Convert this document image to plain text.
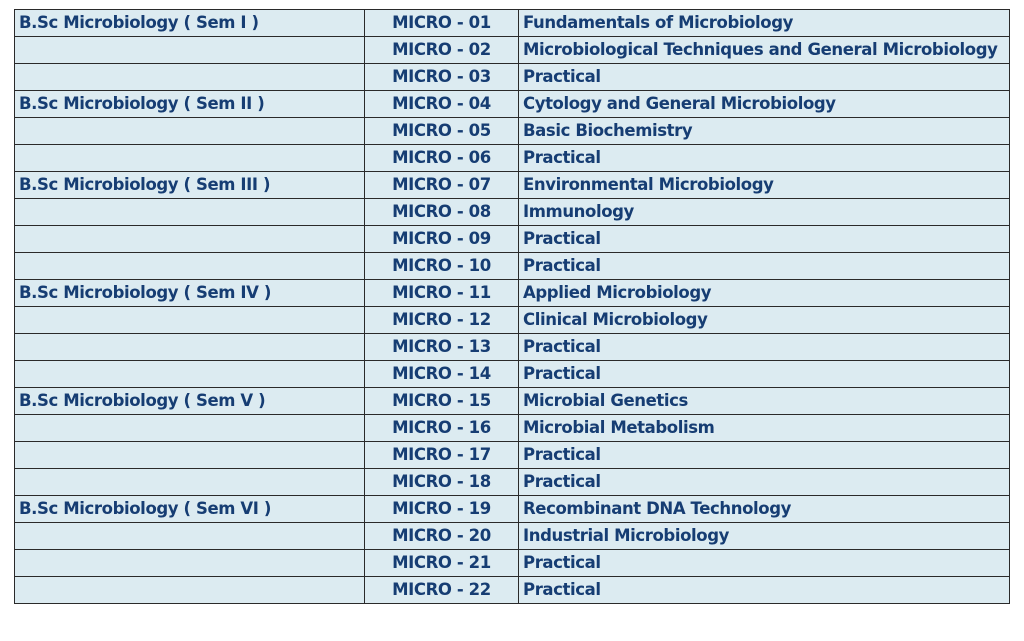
B.Sc Microbiology ( Sem I )	MICRO - 01	Fundamentals of Microbiology
	MICRO - 02	Microbiological Techniques and General Microbiology
	MICRO - 03	Practical
B.Sc Microbiology ( Sem II )	MICRO - 04	Cytology and General Microbiology
	MICRO - 05	Basic Biochemistry
	MICRO - 06	Practical
B.Sc Microbiology ( Sem III )	MICRO - 07	Environmental Microbiology
	MICRO - 08	Immunology
	MICRO - 09	Practical
	MICRO - 10	Practical
B.Sc Microbiology ( Sem IV )	MICRO - 11	Applied Microbiology
	MICRO - 12	Clinical Microbiology
	MICRO - 13	Practical
	MICRO - 14	Practical
B.Sc Microbiology ( Sem V )	MICRO - 15	Microbial Genetics
	MICRO - 16	Microbial Metabolism
	MICRO - 17	Practical
	MICRO - 18	Practical
B.Sc Microbiology ( Sem VI )	MICRO - 19	Recombinant DNA Technology
	MICRO - 20	Industrial Microbiology
	MICRO - 21	Practical
	MICRO - 22	Practical
